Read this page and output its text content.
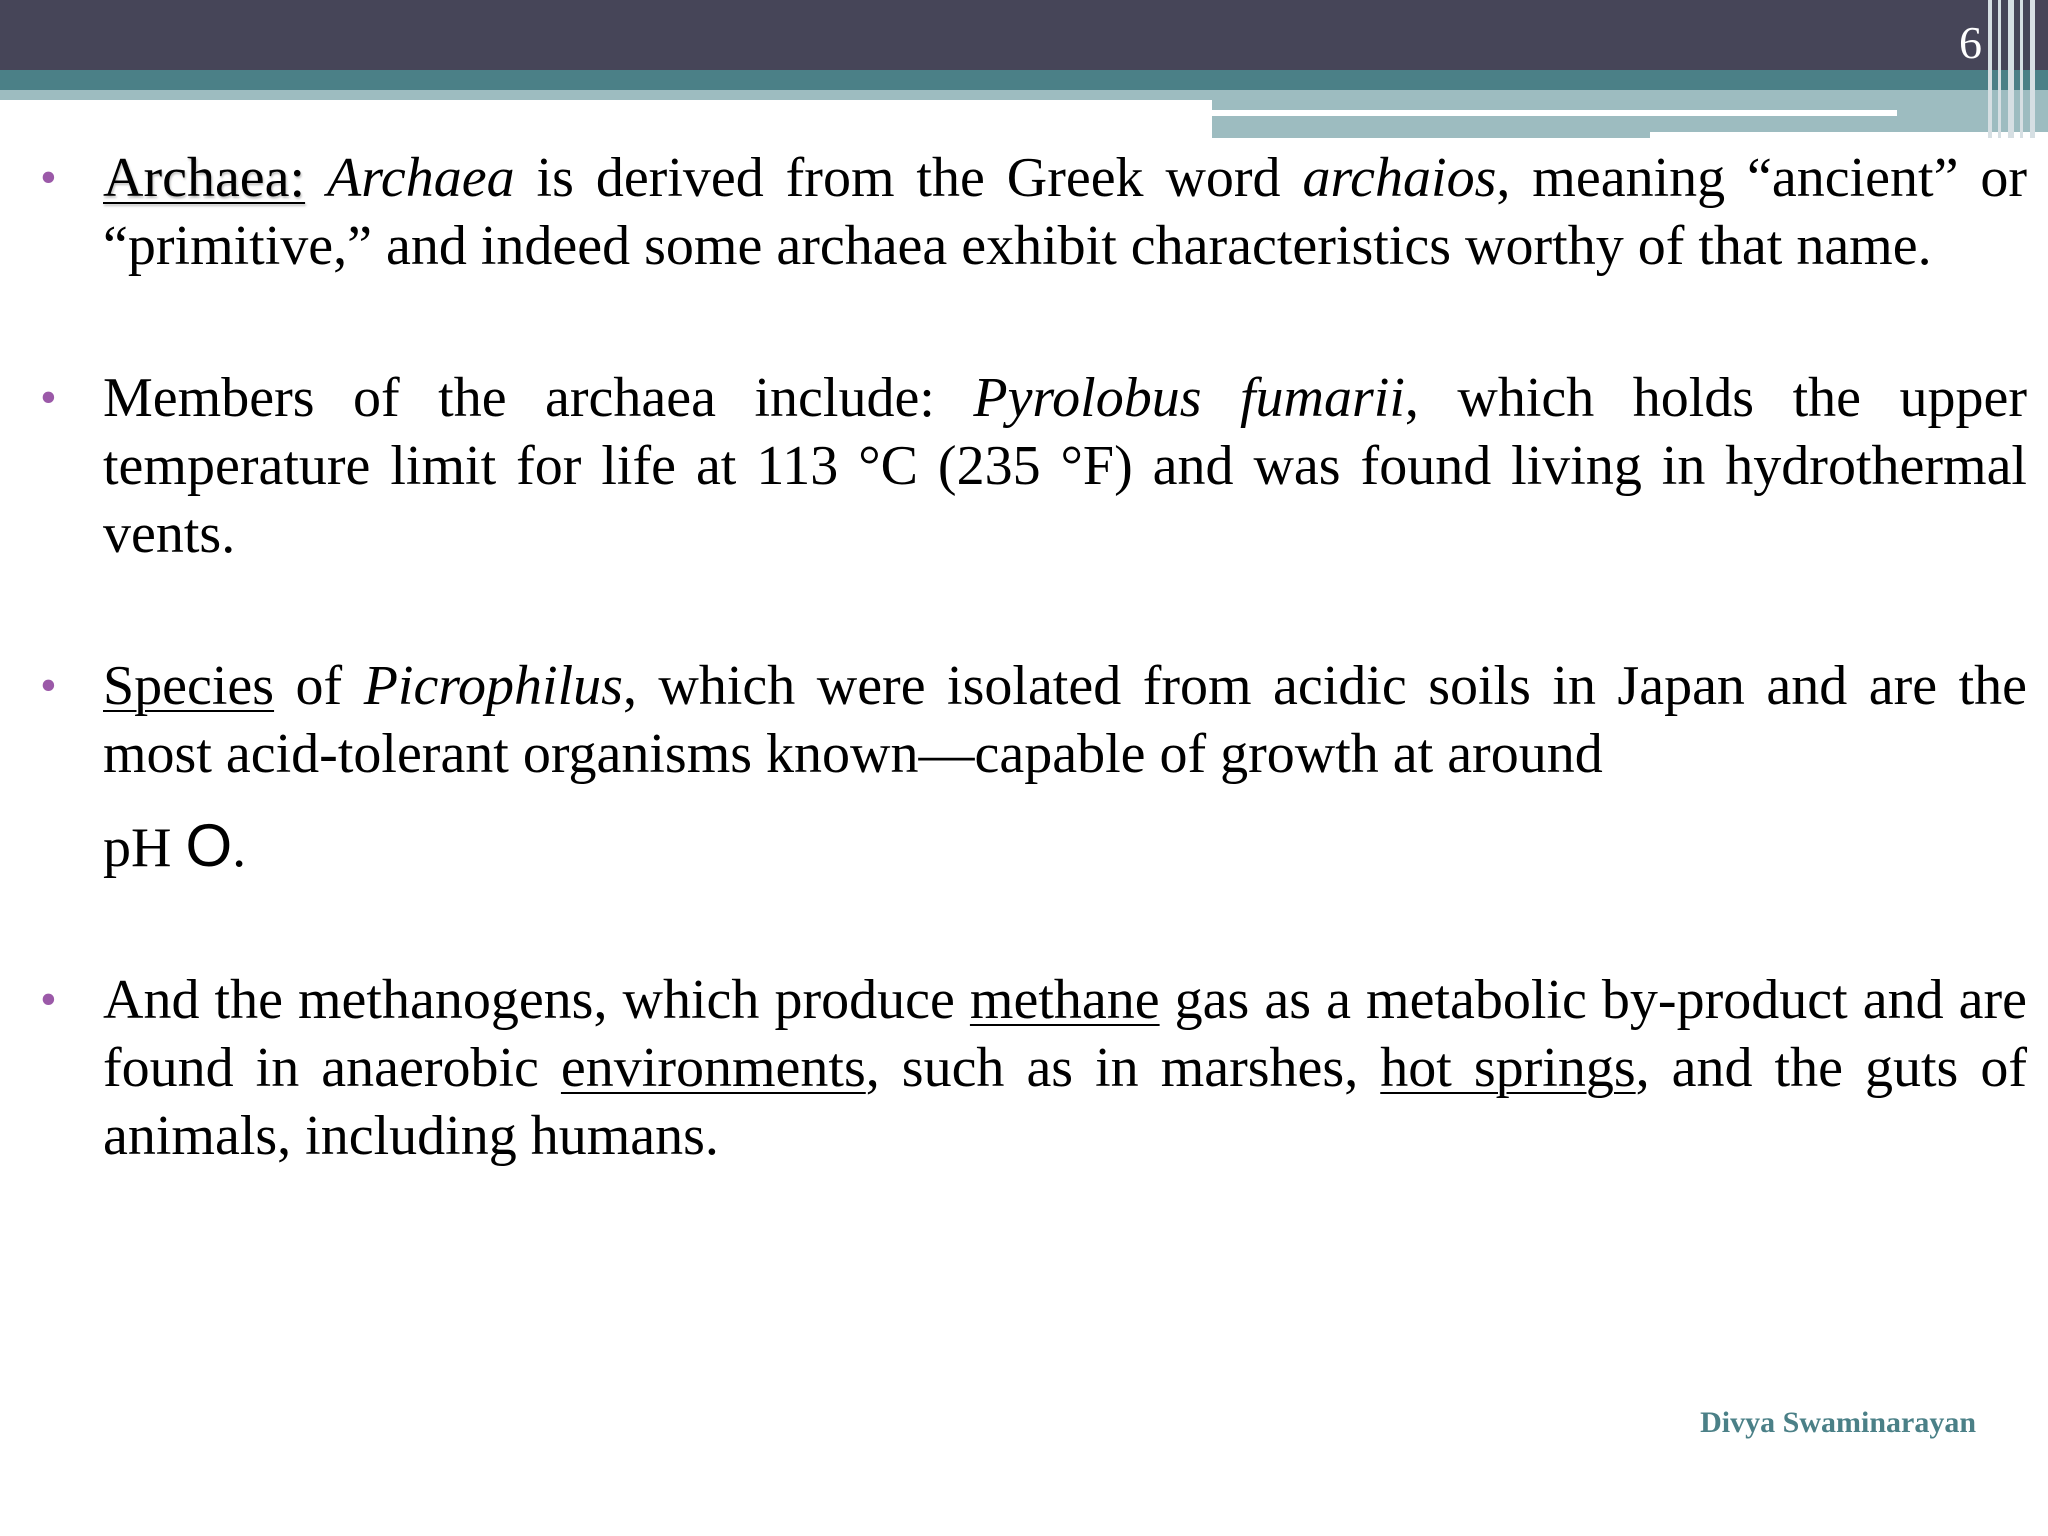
6
• Archaea: Archaea is derived from the Greek word archaios, meaning “ancient” or “primitive,” and indeed some archaea exhibit characteristics worthy of that name.
• Members of the archaea include: Pyrolobus fumarii, which holds the upper temperature limit for life at 113 °C (235 °F) and was found living in hydrothermal vents.
• Species of Picrophilus, which were isolated from acidic soils in Japan and are the most acid-tolerant organisms known—capable of growth at around
pH O.
• And the methanogens, which produce methane gas as a metabolic by-product and are found in anaerobic environments, such as in marshes, hot springs, and the guts of animals, including humans.
Divya Swaminarayan
